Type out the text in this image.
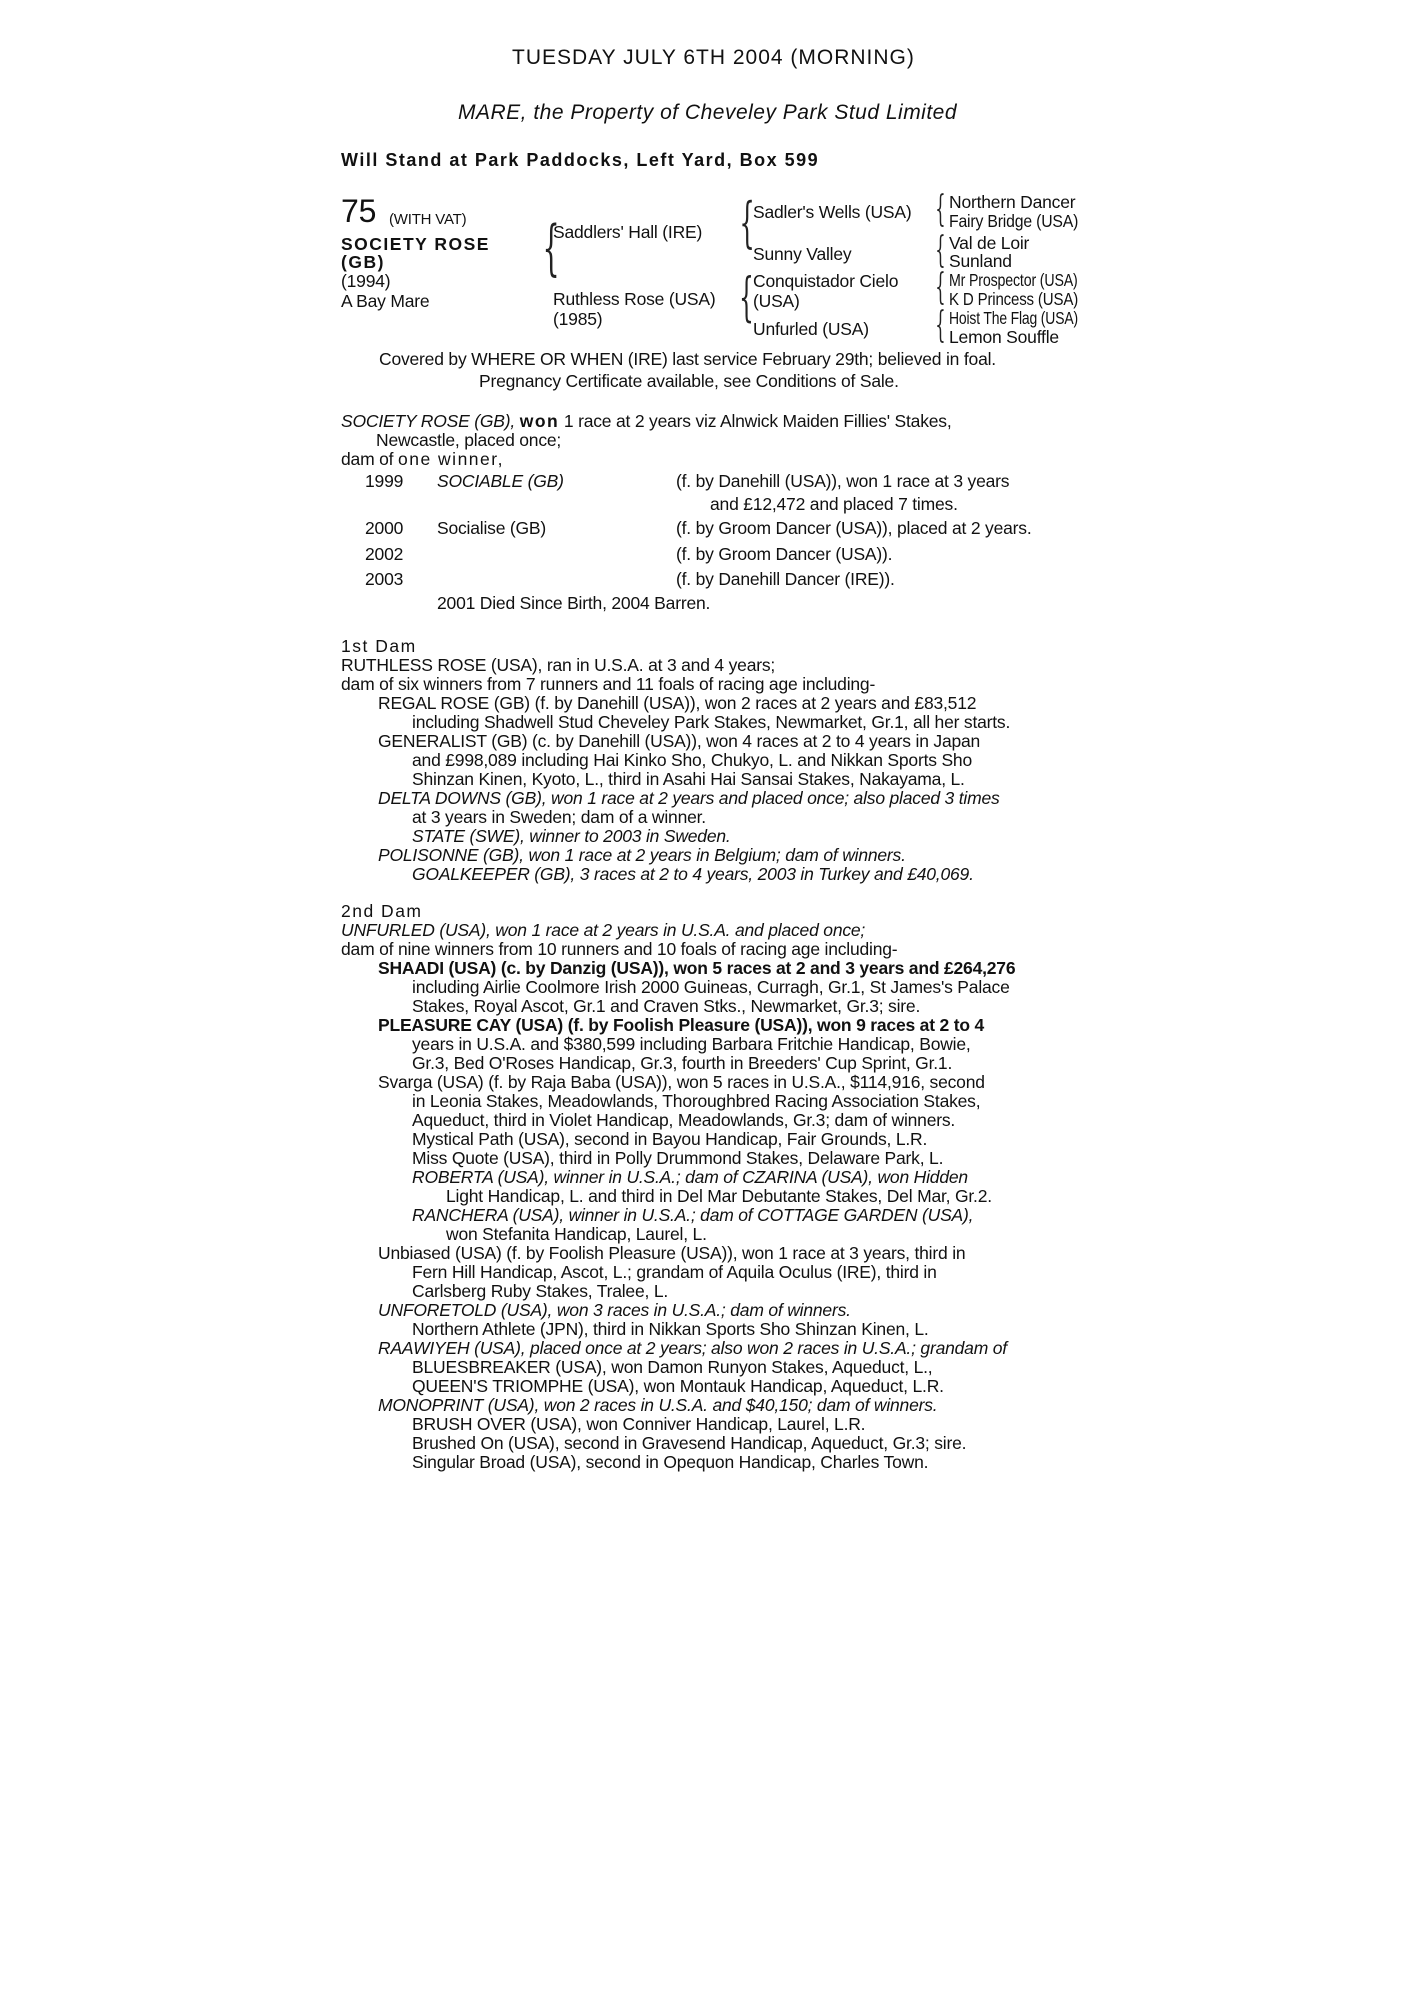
TUESDAY JULY 6TH 2004 (MORNING)
MARE, the Property of Cheveley Park Stud Limited
Will Stand at Park Paddocks, Left Yard, Box 599
75 (WITH VAT)
SOCIETY ROSE
(GB)
(1994)
A Bay Mare
{
Saddlers' Hall (IRE)
Ruthless Rose (USA)
(1985)
{
Sadler's Wells (USA)
Sunny Valley
{ Conquistador Cielo
(USA)
Unfurled (USA)
{ Northern Dancer
Fairy Bridge (USA)
{ Val de Loir
Sunland
{ Mr Prospector (USA)
K D Princess (USA)
{ Hoist The Flag (USA)
Lemon Souffle
Covered by WHERE OR WHEN (IRE) last service February 29th; believed in foal.
Pregnancy Certificate available, see Conditions of Sale.
SOCIETY ROSE (GB), won 1 race at 2 years viz Alnwick Maiden Fillies' Stakes,
Newcastle, placed once;
dam of one winner,
1999 SOCIABLE (GB)	(f. by Danehill (USA)), won 1 race at 3 years
and £12,472 and placed 7 times.
2000 Socialise (GB)	(f. by Groom Dancer (USA)), placed at 2 years.
2002	(f. by Groom Dancer (USA)).
2003	(f. by Danehill Dancer (IRE)).
2001 Died Since Birth, 2004 Barren.
1st Dam
RUTHLESS ROSE (USA), ran in U.S.A. at 3 and 4 years;
dam of six winners from 7 runners and 11 foals of racing age including-
REGAL ROSE (GB) (f. by Danehill (USA)), won 2 races at 2 years and £83,512
including Shadwell Stud Cheveley Park Stakes, Newmarket, Gr.1, all her starts.
GENERALIST (GB) (c. by Danehill (USA)), won 4 races at 2 to 4 years in Japan
and £998,089 including Hai Kinko Sho, Chukyo, L. and Nikkan Sports Sho
Shinzan Kinen, Kyoto, L., third in Asahi Hai Sansai Stakes, Nakayama, L.
DELTA DOWNS (GB), won 1 race at 2 years and placed once; also placed 3 times
at 3 years in Sweden; dam of a winner.
STATE (SWE), winner to 2003 in Sweden.
POLISONNE (GB), won 1 race at 2 years in Belgium; dam of winners.
GOALKEEPER (GB), 3 races at 2 to 4 years, 2003 in Turkey and £40,069.
2nd Dam
UNFURLED (USA), won 1 race at 2 years in U.S.A. and placed once;
dam of nine winners from 10 runners and 10 foals of racing age including-
SHAADI (USA) (c. by Danzig (USA)), won 5 races at 2 and 3 years and £264,276
including Airlie Coolmore Irish 2000 Guineas, Curragh, Gr.1, St James's Palace
Stakes, Royal Ascot, Gr.1 and Craven Stks., Newmarket, Gr.3; sire.
PLEASURE CAY (USA) (f. by Foolish Pleasure (USA)), won 9 races at 2 to 4
years in U.S.A. and $380,599 including Barbara Fritchie Handicap, Bowie,
Gr.3, Bed O'Roses Handicap, Gr.3, fourth in Breeders' Cup Sprint, Gr.1.
Svarga (USA) (f. by Raja Baba (USA)), won 5 races in U.S.A., $114,916, second
in Leonia Stakes, Meadowlands, Thoroughbred Racing Association Stakes,
Aqueduct, third in Violet Handicap, Meadowlands, Gr.3; dam of winners.
Mystical Path (USA), second in Bayou Handicap, Fair Grounds, L.R.
Miss Quote (USA), third in Polly Drummond Stakes, Delaware Park, L.
ROBERTA (USA), winner in U.S.A.; dam of CZARINA (USA), won Hidden
Light Handicap, L. and third in Del Mar Debutante Stakes, Del Mar, Gr.2.
RANCHERA (USA), winner in U.S.A.; dam of COTTAGE GARDEN (USA),
won Stefanita Handicap, Laurel, L.
Unbiased (USA) (f. by Foolish Pleasure (USA)), won 1 race at 3 years, third in
Fern Hill Handicap, Ascot, L.; grandam of Aquila Oculus (IRE), third in
Carlsberg Ruby Stakes, Tralee, L.
UNFORETOLD (USA), won 3 races in U.S.A.; dam of winners.
Northern Athlete (JPN), third in Nikkan Sports Sho Shinzan Kinen, L.
RAAWIYEH (USA), placed once at 2 years; also won 2 races in U.S.A.; grandam of
BLUESBREAKER (USA), won Damon Runyon Stakes, Aqueduct, L.,
QUEEN'S TRIOMPHE (USA), won Montauk Handicap, Aqueduct, L.R.
MONOPRINT (USA), won 2 races in U.S.A. and $40,150; dam of winners.
BRUSH OVER (USA), won Conniver Handicap, Laurel, L.R.
Brushed On (USA), second in Gravesend Handicap, Aqueduct, Gr.3; sire.
Singular Broad (USA), second in Opequon Handicap, Charles Town.
